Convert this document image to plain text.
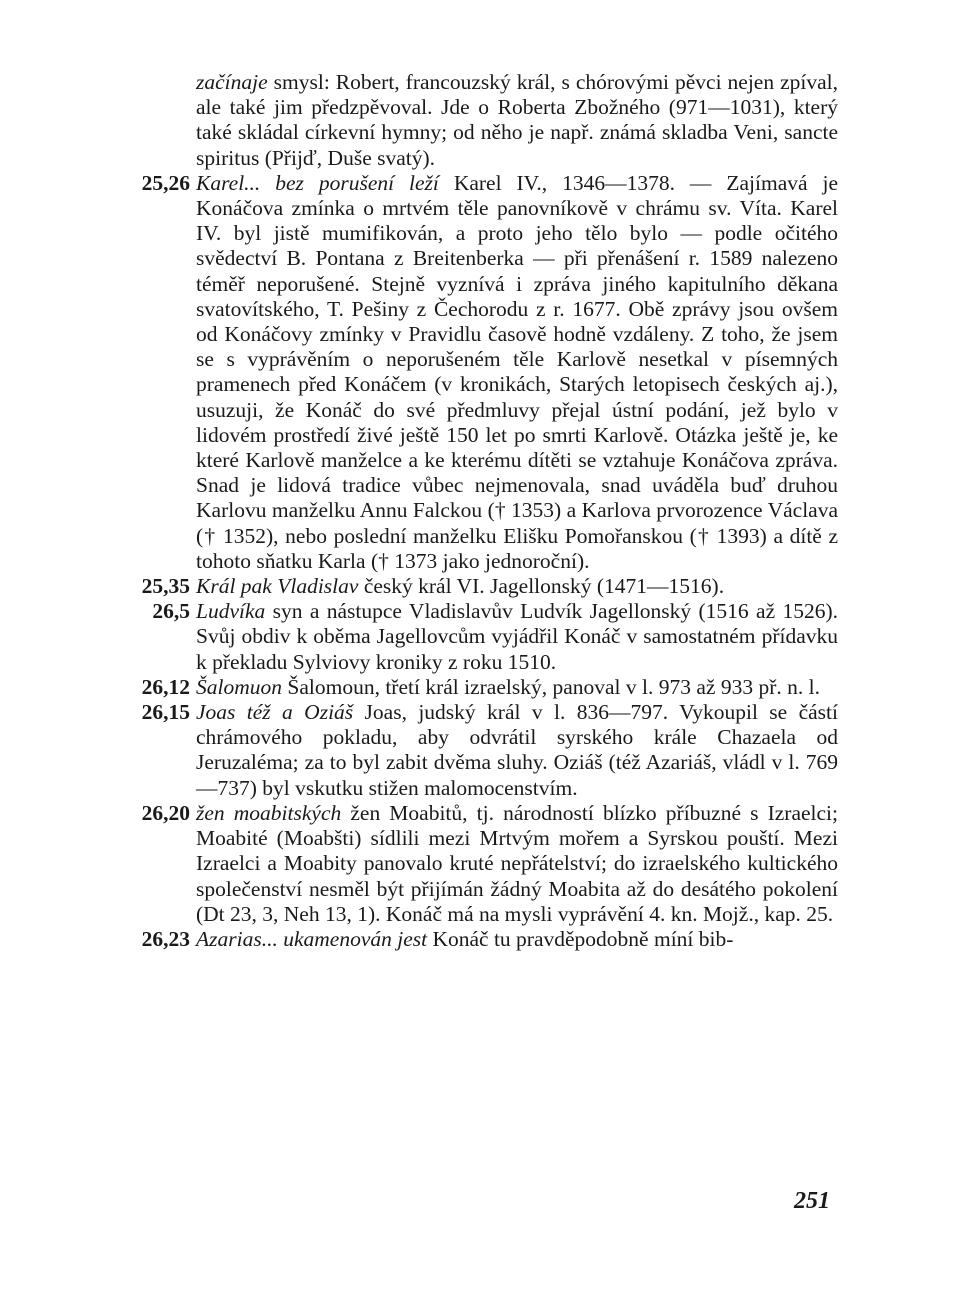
začínaje smysl: Robert, francouzský král, s chórovými pěvci nejen zpíval, ale také jim předzpěvoval. Jde o Roberta Zbožného (971—1031), který také skládal církevní hymny; od něho je např. známá skladba Veni, sancte spiritus (Přijď, Duše svatý).
25,26 Karel... bez porušení leží Karel IV., 1346—1378. — Zajímavá je Konáčova zmínka o mrtvém těle panovníkově v chrámu sv. Víta. Karel IV. byl jistě mumifikován, a proto jeho tělo bylo — podle očitého svědectví B. Pontana z Breitenberka — při přenášení r. 1589 nalezeno téměř neporušené. Stejně vyznívá i zpráva jiného kapitulního děkana svatovítského, T. Pešiny z Čechorodu z r. 1677. Obě zprávy jsou ovšem od Konáčovy zmínky v Pravidlu časově hodně vzdáleny. Z toho, že jsem se s vyprávěním o neporušeném těle Karlově nesetkal v písemných pramenech před Konáčem (v kronikách, Starých letopisech českých aj.), usuzuji, že Konáč do své předmluvy přejal ústní podání, jež bylo v lidovém prostředí živé ještě 150 let po smrti Karlově. Otázka ještě je, ke které Karlově manželce a ke kterému dítěti se vztahuje Konáčova zpráva. Snad je lidová tradice vůbec nejmenovala, snad uváděla buď druhou Karlovu manželku Annu Falckou († 1353) a Karlova prvorozence Václava († 1352), nebo poslední manželku Elišku Pomořanskou († 1393) a dítě z tohoto sňatku Karla († 1373 jako jednoroční).
25,35 Král pak Vladislav český král VI. Jagellonský (1471—1516).
26,5 Ludvíka syn a nástupce Vladislavův Ludvík Jagellonský (1516 až 1526). Svůj obdiv k oběma Jagellovcům vyjádřil Konáč v samostatném přídavku k překladu Sylviovy kroniky z roku 1510.
26,12 Šalomuon Šalomoun, třetí král izraelský, panoval v l. 973 až 933 př. n. l.
26,15 Joas též a Oziáš Joas, judský král v l. 836—797. Vykoupil se částí chrámového pokladu, aby odvrátil syrského krále Chazaela od Jeruzaléma; za to byl zabit dvěma sluhy. Oziáš (též Azariáš, vládl v l. 769—737) byl vskutku stižen malomocenstvím.
26,20 žen moabitských žen Moabitů, tj. národností blízko příbuzné s Izraelci; Moabité (Moabšti) sídlili mezi Mrtvým mořem a Syrskou pouští. Mezi Izraelci a Moabity panovalo kruté nepřátelství; do izraelského kultického společenství nesměl být přijímán žádný Moabita až do desátého pokolení (Dt 23, 3, Neh 13, 1). Konáč má na mysli vyprávění 4. kn. Mojž., kap. 25.
26,23 Azarias... ukamenován jest Konáč tu pravděpodobně míní bib-
251
